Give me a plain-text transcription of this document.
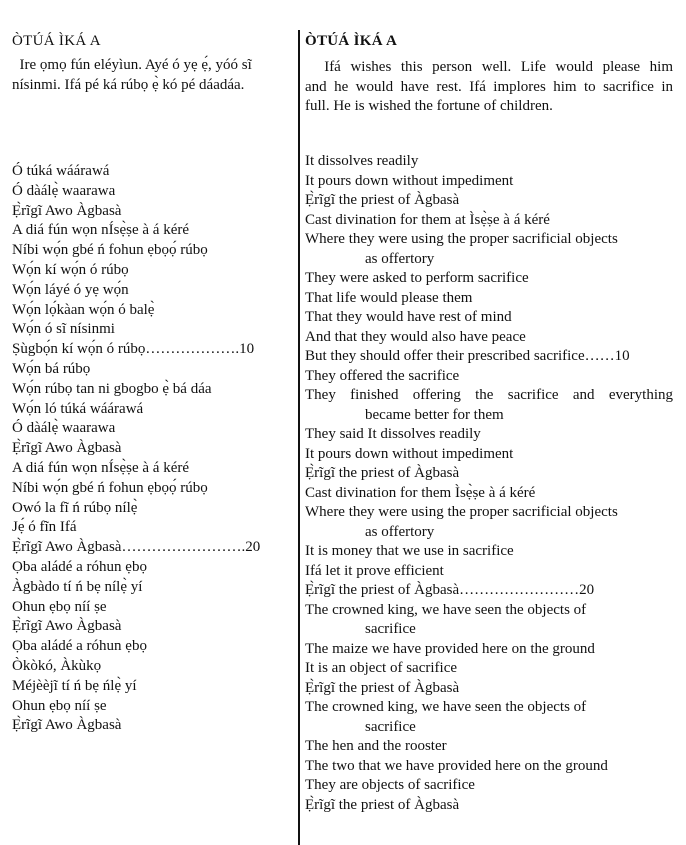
ÒTÚÁ ÌKÁ A
Ire ọmọ fún eléyìun. Ayé ó yẹ ẹ́, yóó sĩ
nísinmi. Ifá pé ká rúbọ ẹ̀ kó pé dáadáa.
Ó túká wáárawá
Ó dàálẹ̀ waarawa
Ẹ̀rĩgĩ Awo Àgbasà
A diá fún wọn nÍsẹ̀ṣe à á kéré
Níbi wọ́n gbé ń fohun ẹbọọ́ rúbọ
Wọ́n kí wọ́n ó rúbọ
Wọ́n láyé ó yẹ wọ́n
Wọ́n lọ́kàan wọ́n ó balẹ̀
Wọ́n ó sĩ nísinmi
Ṣùgbọ́n kí wọ́n ó rúbọ……………….10
Wọ́n bá rúbọ
Wọ́n rúbọ tan ni gbogbo ẹ̀ bá dáa
Wọ́n ló túká wáárawá
Ó dàálẹ̀ waarawa
Ẹ̀rĩgĩ Awo Àgbasà
A diá fún wọn nÍsẹ̀ṣe à á kéré
Níbi wọ́n gbé ń fohun ẹbọọ́ rúbọ
Owó la fĩ ń rúbọ nílẹ̀
Jẹ́ ó fĩn Ifá
Ẹ̀rĩgĩ Awo Àgbasà…………………….20
Ọba aládé a róhun ẹbọ
Àgbàdo tí ń bẹ nílẹ̀ yí
Ohun ẹbọ níí ṣe
Ẹ̀rĩgĩ Awo Àgbasà
Ọba aládé a róhun ẹbọ
Òkòkó, Àkùkọ
Méjèèjĩ tí ń bẹ ńlẹ̀ yí
Ohun ẹbọ níí ṣe
Ẹ̀rĩgĩ Awo Àgbasà
ÒTÚÁ ÌKÁ A
Ifá wishes this person well. Life would please him
and he would have rest. Ifá implores him to sacrifice in
full. He is wished the fortune of children.
It dissolves readily
It pours down without impediment
Ẹ̀rĩgĩ the priest of Àgbasà
Cast divination for them at Ìsẹ̀ṣe à á kéré
Where they were using the proper sacrificial objects
as offertory
They were asked to perform sacrifice
That life would please them
That they would have rest of mind
And that they would also have peace
But they should offer their prescribed sacrifice……10
They offered the sacrifice
They finished offering the sacrifice and everything
became better for them
They said It dissolves readily
It pours down without impediment
Ẹ̀rĩgĩ the priest of Àgbasà
Cast divination for them Ìsẹ̀ṣe à á kéré
Where they were using the proper sacrificial objects
as offertory
It is money that we use in sacrifice
Ifá let it prove efficient
Ẹ̀rĩgĩ the priest of Àgbasà……………………20
The crowned king, we have seen the objects of
sacrifice
The maize we have provided here on the ground
It is an object of sacrifice
Ẹ̀rĩgĩ the priest of Àgbasà
The crowned king, we have seen the objects of
sacrifice
The hen and the rooster
The two that we have provided here on the ground
They are objects of sacrifice
Ẹ̀rĩgĩ the priest of Àgbasà
